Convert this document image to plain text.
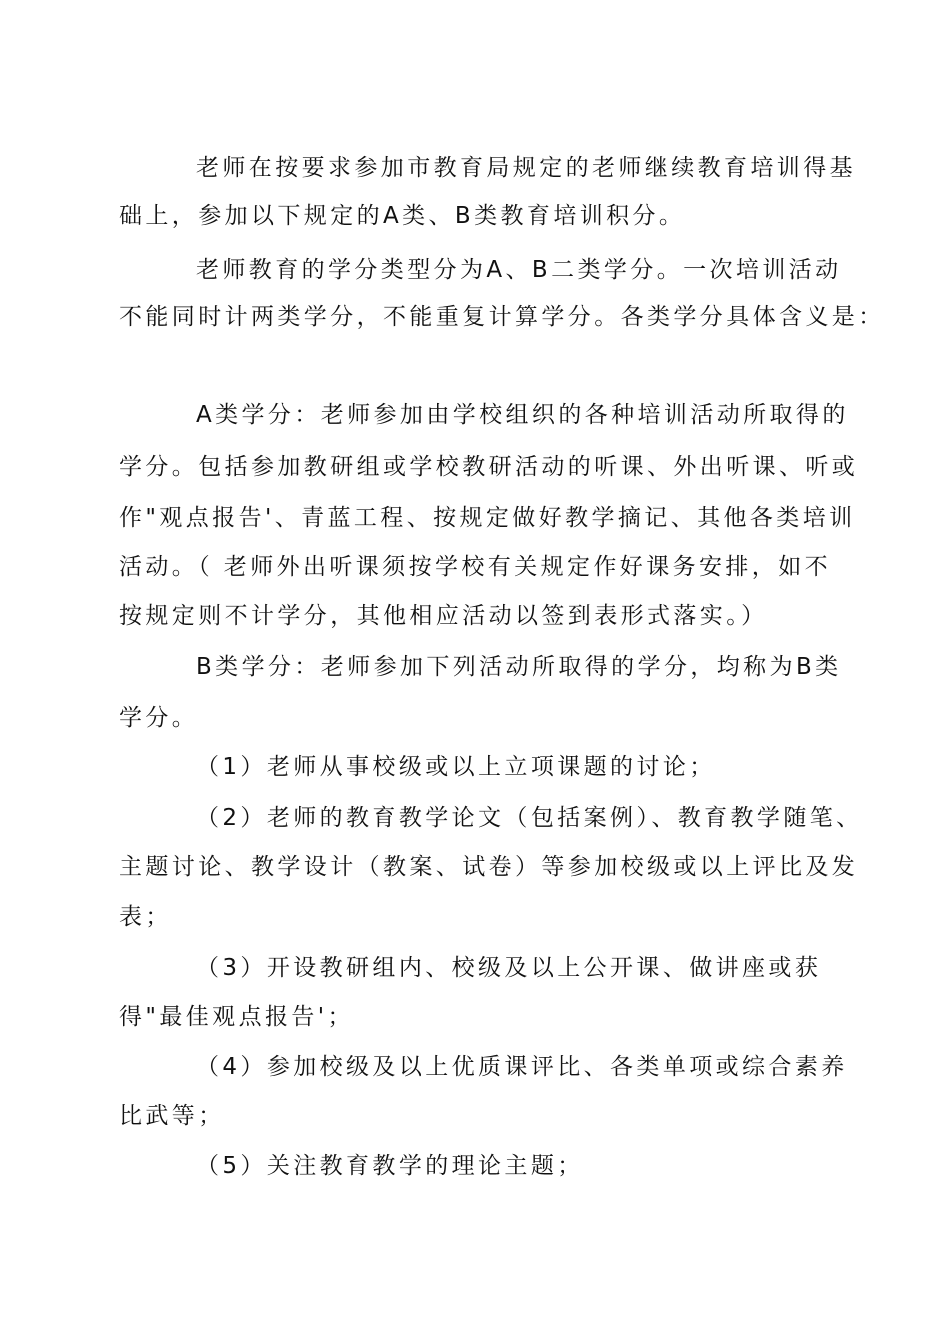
老师在按要求参加市教育局规定的老师继续教育培训得基
础上，参加以下规定的A类、B类教育培训积分。
老师教育的学分类型分为A、B二类学分。一次培训活动
不能同时计两类学分，不能重复计算学分。各类学分具体含义是：
A类学分：老师参加由学校组织的各种培训活动所取得的
学分。包括参加教研组或学校教研活动的听课、外出听课、听或
作"观点报告'、青蓝工程、按规定做好教学摘记、其他各类培训
活动。（ 老师外出听课须按学校有关规定作好课务安排，如不
按规定则不计学分，其他相应活动以签到表形式落实。）
B类学分：老师参加下列活动所取得的学分，均称为B类
学分。
（1）老师从事校级或以上立项课题的讨论；
（2）老师的教育教学论文（包括案例）、教育教学随笔、
主题讨论、教学设计（教案、试卷）等参加校级或以上评比及发
表；
（3）开设教研组内、校级及以上公开课、做讲座或获
得"最佳观点报告'；
（4）参加校级及以上优质课评比、各类单项或综合素养
比武等；
（5）关注教育教学的理论主题；
